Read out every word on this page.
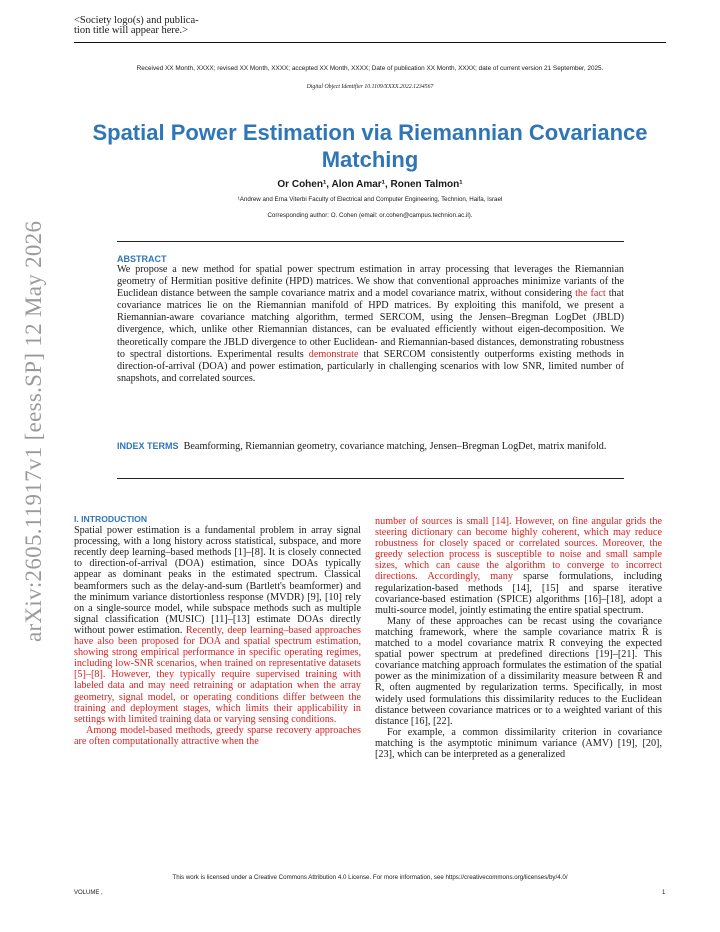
<Society logo(s) and publica-
tion title will appear here.>
Received XX Month, XXXX; revised XX Month, XXXX; accepted XX Month, XXXX; Date of publication XX Month, XXXX; date of current version 21 September, 2025.
Digital Object Identifier 10.1109/XXXX.2022.1234567
Spatial Power Estimation via Riemannian Covariance Matching
Or Cohen¹, Alon Amar¹, Ronen Talmon¹
¹Andrew and Erna Viterbi Faculty of Electrical and Computer Engineering, Technion, Haifa, Israel
Corresponding author: O. Cohen (email: or.cohen@campus.technion.ac.il).
ABSTRACT
We propose a new method for spatial power spectrum estimation in array processing that leverages the Riemannian geometry of Hermitian positive definite (HPD) matrices. We show that conventional approaches minimize variants of the Euclidean distance between the sample covariance matrix and a model covariance matrix, without considering the fact that covariance matrices lie on the Riemannian manifold of HPD matrices. By exploiting this manifold, we present a Riemannian-aware covariance matching algorithm, termed SERCOM, using the Jensen–Bregman LogDet (JBLD) divergence, which, unlike other Riemannian distances, can be evaluated efficiently without eigen-decomposition. We theoretically compare the JBLD divergence to other Euclidean- and Riemannian-based distances, demonstrating robustness to spectral distortions. Experimental results demonstrate that SERCOM consistently outperforms existing methods in direction-of-arrival (DOA) and power estimation, particularly in challenging scenarios with low SNR, limited number of snapshots, and correlated sources.
INDEX TERMS Beamforming, Riemannian geometry, covariance matching, Jensen–Bregman LogDet, matrix manifold.

I. INTRODUCTION

Spatial power estimation is a fundamental problem in array signal processing, with a long history across statistical, subspace, and more recently deep learning–based methods [1]–[8]. It is closely connected to direction-of-arrival (DOA) estimation, since DOAs typically appear as dominant peaks in the estimated spectrum. Classical beamformers such as the delay-and-sum (Bartlett's beamformer) and the minimum variance distortionless response (MVDR) [9], [10] rely on a single-source model, while subspace methods such as multiple signal classification (MUSIC) [11]–[13] estimate DOAs directly without power estimation. Recently, deep learning–based approaches have also been proposed for DOA and spatial spectrum estimation, showing strong empirical performance in specific operating regimes, including low-SNR scenarios, when trained on representative datasets [5]–[8]. However, they typically require supervised training with labeled data and may need retraining or adaptation when the array geometry, signal model, or operating conditions differ between the training and deployment stages, which limits their applicability in settings with limited training data or varying sensing conditions.

Among model-based methods, greedy sparse recovery approaches are often computationally attractive when the

number of sources is small [14]. However, on fine angular grids the steering dictionary can become highly coherent, which may reduce robustness for closely spaced or correlated sources. Moreover, the greedy selection process is susceptible to noise and small sample sizes, which can cause the algorithm to converge to incorrect directions. Accordingly, many sparse formulations, including regularization-based methods [14], [15] and sparse iterative covariance-based estimation (SPICE) algorithms [16]–[18], adopt a multi-source model, jointly estimating the entire spatial spectrum.

Many of these approaches can be recast using the covariance matching framework, where the sample covariance matrix R̂ is matched to a model covariance matrix R conveying the expected spatial power spectrum at predefined directions [19]–[21]. This covariance matching approach formulates the estimation of the spatial power as the minimization of a dissimilarity measure between R̂ and R, often augmented by regularization terms. Specifically, in most widely used formulations this dissimilarity reduces to the Euclidean distance between covariance matrices or to a weighted variant of this distance [16], [22].

For example, a common dissimilarity criterion in covariance matching is the asymptotic minimum variance (AMV) [19], [20], [23], which can be interpreted as a generalized

This work is licensed under a Creative Commons Attribution 4.0 License. For more information, see https://creativecommons.org/licenses/by/4.0/
VOLUME ,	1
arXiv:2605.11917v1 [eess.SP] 12 May 2026
